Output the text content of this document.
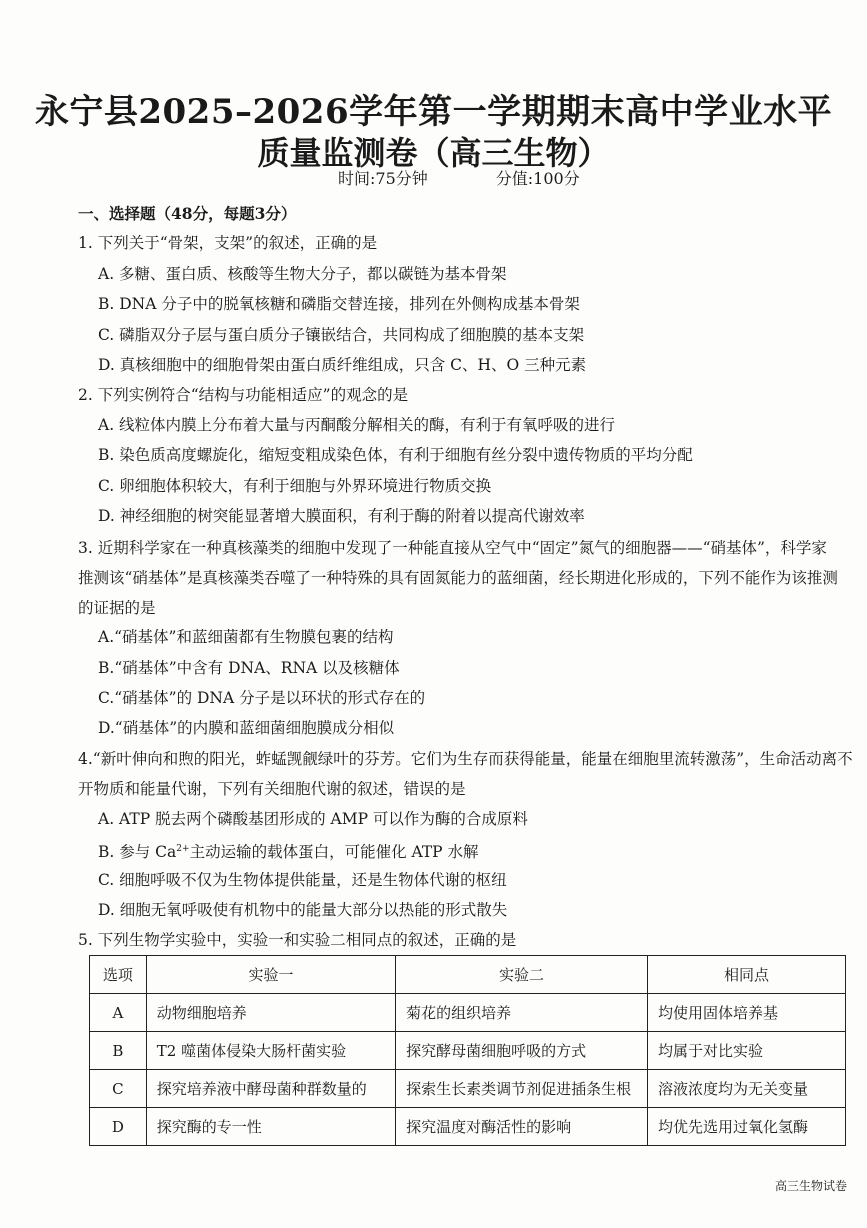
永宁县2025–2026学年第一学期期末高中学业水平
质量监测卷（高三生物）
时间:75分钟	分值:100分
一、选择题（48分，每题3分）
1. 下列关于“骨架，支架”的叙述，正确的是
A. 多糖、蛋白质、核酸等生物大分子，都以碳链为基本骨架
B. DNA 分子中的脱氧核糖和磷脂交替连接，排列在外侧构成基本骨架
C. 磷脂双分子层与蛋白质分子镶嵌结合，共同构成了细胞膜的基本支架
D. 真核细胞中的细胞骨架由蛋白质纤维组成，只含 C、H、O 三种元素
2. 下列实例符合“结构与功能相适应”的观念的是
A. 线粒体内膜上分布着大量与丙酮酸分解相关的酶，有利于有氧呼吸的进行
B. 染色质高度螺旋化，缩短变粗成染色体，有利于细胞有丝分裂中遗传物质的平均分配
C. 卵细胞体积较大，有利于细胞与外界环境进行物质交换
D. 神经细胞的树突能显著增大膜面积，有利于酶的附着以提高代谢效率
3. 近期科学家在一种真核藻类的细胞中发现了一种能直接从空气中“固定”氮气的细胞器——“硝基体”，科学家
推测该“硝基体”是真核藻类吞噬了一种特殊的具有固氮能力的蓝细菌，经长期进化形成的，下列不能作为该推测
的证据的是
A.“硝基体”和蓝细菌都有生物膜包裹的结构
B.“硝基体”中含有 DNA、RNA 以及核糖体
C.“硝基体”的 DNA 分子是以环状的形式存在的
D.“硝基体”的内膜和蓝细菌细胞膜成分相似
4.“新叶伸向和煦的阳光，蚱蜢觊觎绿叶的芬芳。它们为生存而获得能量，能量在细胞里流转激荡”，生命活动离不
开物质和能量代谢，下列有关细胞代谢的叙述，错误的是
A. ATP 脱去两个磷酸基团形成的 AMP 可以作为酶的合成原料
B. 参与 $Ca^{2+}$主动运输的载体蛋白，可能催化 ATP 水解
C. 细胞呼吸不仅为生物体提供能量，还是生物体代谢的枢纽
D. 细胞无氧呼吸使有机物中的能量大部分以热能的形式散失
5. 下列生物学实验中，实验一和实验二相同点的叙述，正确的是
选项	实验一	实验二	相同点
A	动物细胞培养	菊花的组织培养	均使用固体培养基
B	T2 噬菌体侵染大肠杆菌实验	探究酵母菌细胞呼吸的方式	均属于对比实验
C	探究培养液中酵母菌种群数量的	探索生长素类调节剂促进插条生根	溶液浓度均为无关变量
D	探究酶的专一性	探究温度对酶活性的影响	均优先选用过氧化氢酶
高三生物试卷
